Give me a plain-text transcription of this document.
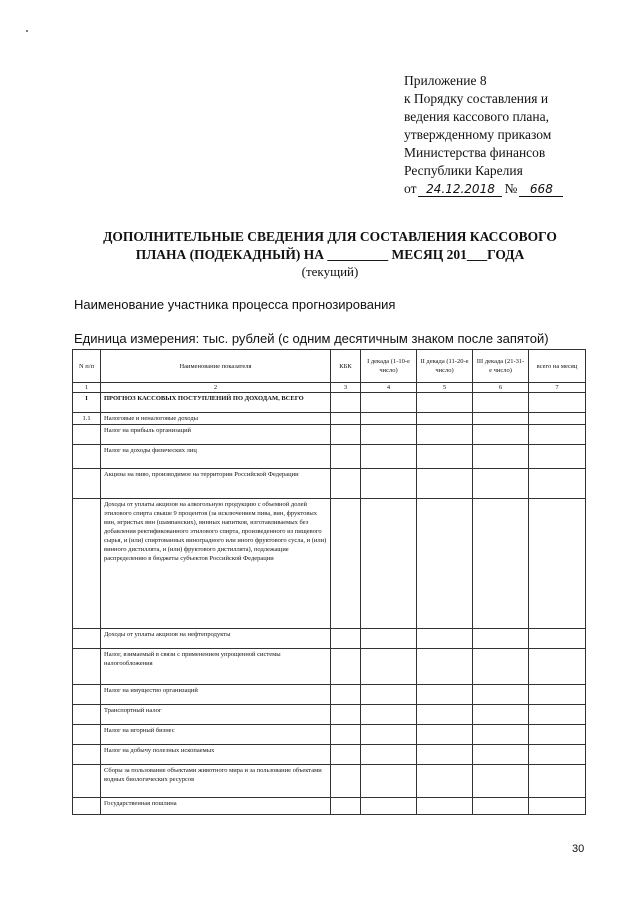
Приложение 8
к Порядку составления и
ведения кассового плана,
утвержденному приказом
Министерства финансов
Республики Карелия
от 24.12.2018 №	668
ДОПОЛНИТЕЛЬНЫЕ СВЕДЕНИЯ ДЛЯ СОСТАВЛЕНИЯ КАССОВОГО
ПЛАНА (ПОДЕКАДНЫЙ) НА _________ МЕСЯЦ 201___ГОДА
(текущий)
Наименование участника процесса прогнозирования
Единица измерения: тыс. рублей (с одним десятичным знаком после запятой)
N п/п	Наименование показателя	КБК	I декада (1-10-е число)	II декада (11-20-е число)	III декада (21-31-е число)	всего на месяц
1	2	3	4	5	6	7
I	ПРОГНОЗ КАССОВЫХ ПОСТУПЛЕНИЙ ПО ДОХОДАМ, ВСЕГО					
1.1	Налоговые и неналоговые доходы					
	Налог на прибыль организаций					
	Налог на доходы физических лиц					
	Акцизы на пиво, производимое на территории Российской Федерации					
	Доходы от уплаты акцизов на алкогольную продукцию с объемной долей этилового спирта свыше 9 процентов (за исключением пива, вин, фруктовых вин, игристых вин (шампанских), винных напитков, изготавливаемых без добавления ректификованного этилового спирта, произведенного из пищевого сырья, и (или) спиртованных виноградного или иного фруктового сусла, и (или) винного дистиллята, и (или) фруктового дистиллята), подлежащие распределению в бюджеты субъектов Российской Федерации					
	Доходы от уплаты акцизов на нефтепродукты					
	Налог, взимаемый в связи с применением упрощенной системы налогообложения					
	Налог на имущество организаций					
	Транспортный налог					
	Налог на игорный бизнес					
	Налог на добычу полезных ископаемых					
	Сборы за пользование объектами животного мира и за пользование объектами водных биологических ресурсов					
	Государственная пошлина					
30
